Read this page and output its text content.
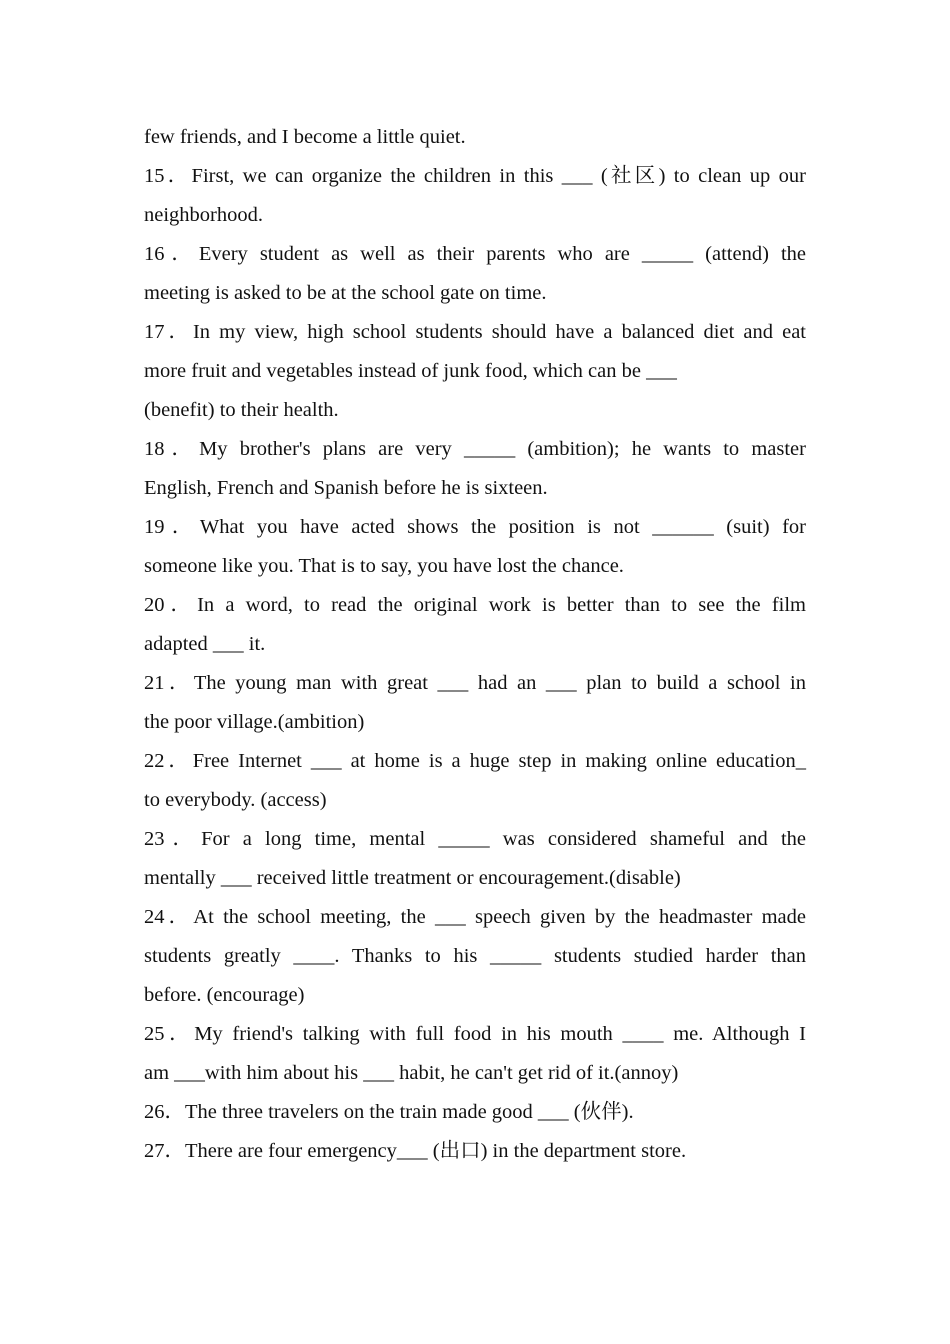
few friends, and I become a little quiet.
15．First, we can organize the children in this ___ (社区) to clean up our
neighborhood.
16．Every student as well as their parents who are _____ (attend) the
meeting is asked to be at the school gate on time.
17．In my view, high school students should have a balanced diet and eat
more fruit and vegetables instead of junk food, which can be ___
(benefit) to their health.
18．My brother's plans are very _____ (ambition); he wants to master
English, French and Spanish before he is sixteen.
19．What you have acted shows the position is not ______ (suit) for
someone like you. That is to say, you have lost the chance.
20．In a word, to read the original work is better than to see the film
adapted ___ it.
21．The young man with great ___ had an ___ plan to build a school in
the poor village.(ambition)
22．Free Internet ___ at home is a huge step in making online education_
to everybody. (access)
23．For a long time, mental _____ was considered shameful and the
mentally ___ received little treatment or encouragement.(disable)
24．At the school meeting, the ___ speech given by the headmaster made
students greatly ____. Thanks to his _____ students studied harder than
before. (encourage)
25．My friend's talking with full food in his mouth ____ me. Although I
am ___with him about his ___ habit, he can't get rid of it.(annoy)
26．The three travelers on the train made good ___ (伙伴).
27．There are four emergency___ (出口) in the department store.
